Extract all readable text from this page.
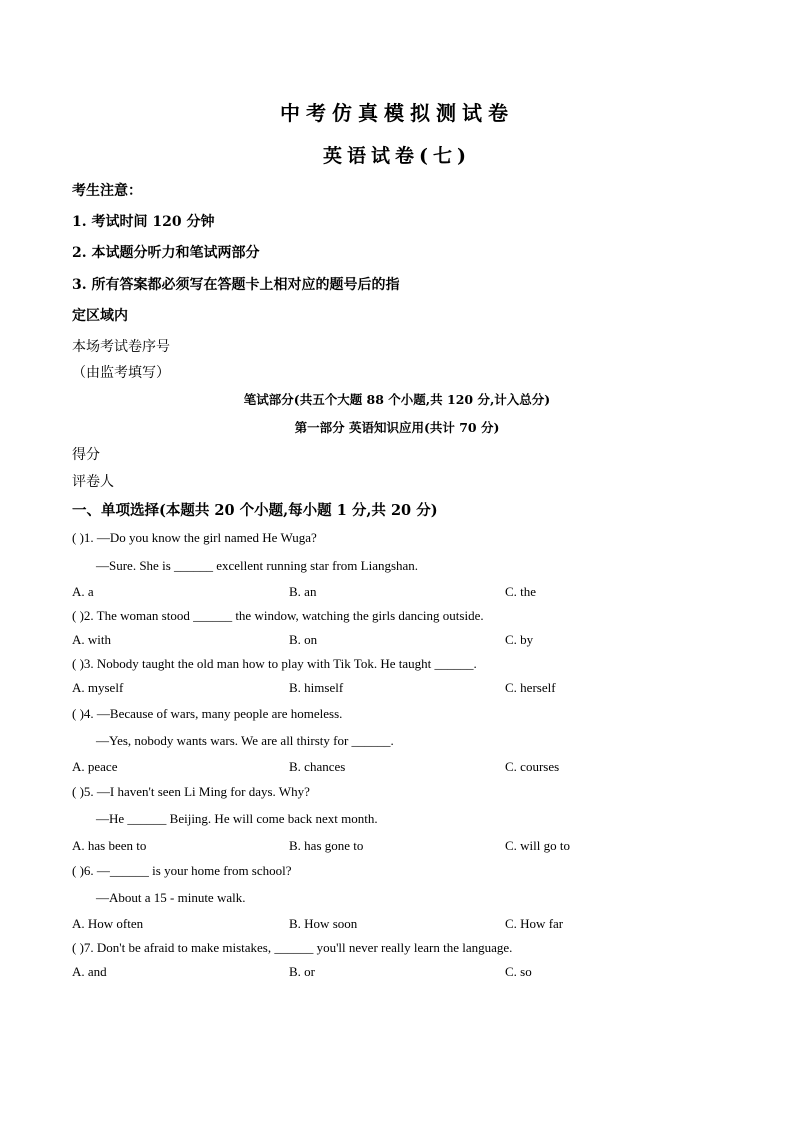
中考仿真模拟测试卷
英语试卷(七)
考生注意：
1. 考试时间 120 分钟
2. 本试题分听力和笔试两部分
3. 所有答案都必须写在答题卡上相对应的题号后的指
定区域内
本场考试卷序号
（由监考填写）
笔试部分(共五个大题 88 个小题,共 120 分,计入总分)
第一部分 英语知识应用(共计 70 分)
得分
评卷人
一、单项选择(本题共 20 个小题,每小题 1 分,共 20 分)
( )1. —Do you know the girl named He Wuga?
—Sure. She is ______ excellent running star from Liangshan.
A. a	B. an	C. the
( )2. The woman stood ______ the window, watching the girls dancing outside.
A. with	B. on	C. by
( )3. Nobody taught the old man how to play with Tik Tok. He taught ______.
A. myself	B. himself	C. herself
( )4. —Because of wars, many people are homeless.
—Yes, nobody wants wars. We are all thirsty for ______.
A. peace	B. chances	C. courses
( )5. —I haven't seen Li Ming for days. Why?
—He ______ Beijing. He will come back next month.
A. has been to	B. has gone to	C. will go to
( )6. —______ is your home from school?
—About a 15 - minute walk.
A. How often	B. How soon	C. How far
( )7. Don't be afraid to make mistakes, ______ you'll never really learn the language.
A. and	B. or	C. so
